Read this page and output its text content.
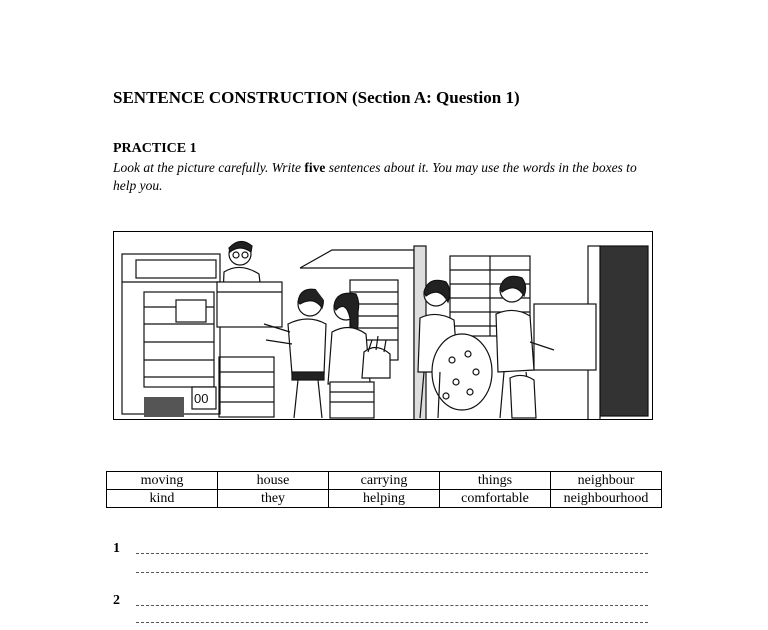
SENTENCE CONSTRUCTION (Section A: Question 1)
PRACTICE 1

Look at the picture carefully. Write five sentences about it. You may use the words in the boxes to help you.

00
moving	house	carrying	things	neighbour
kind	they	helping	comfortable	neighbourhood
1
2
